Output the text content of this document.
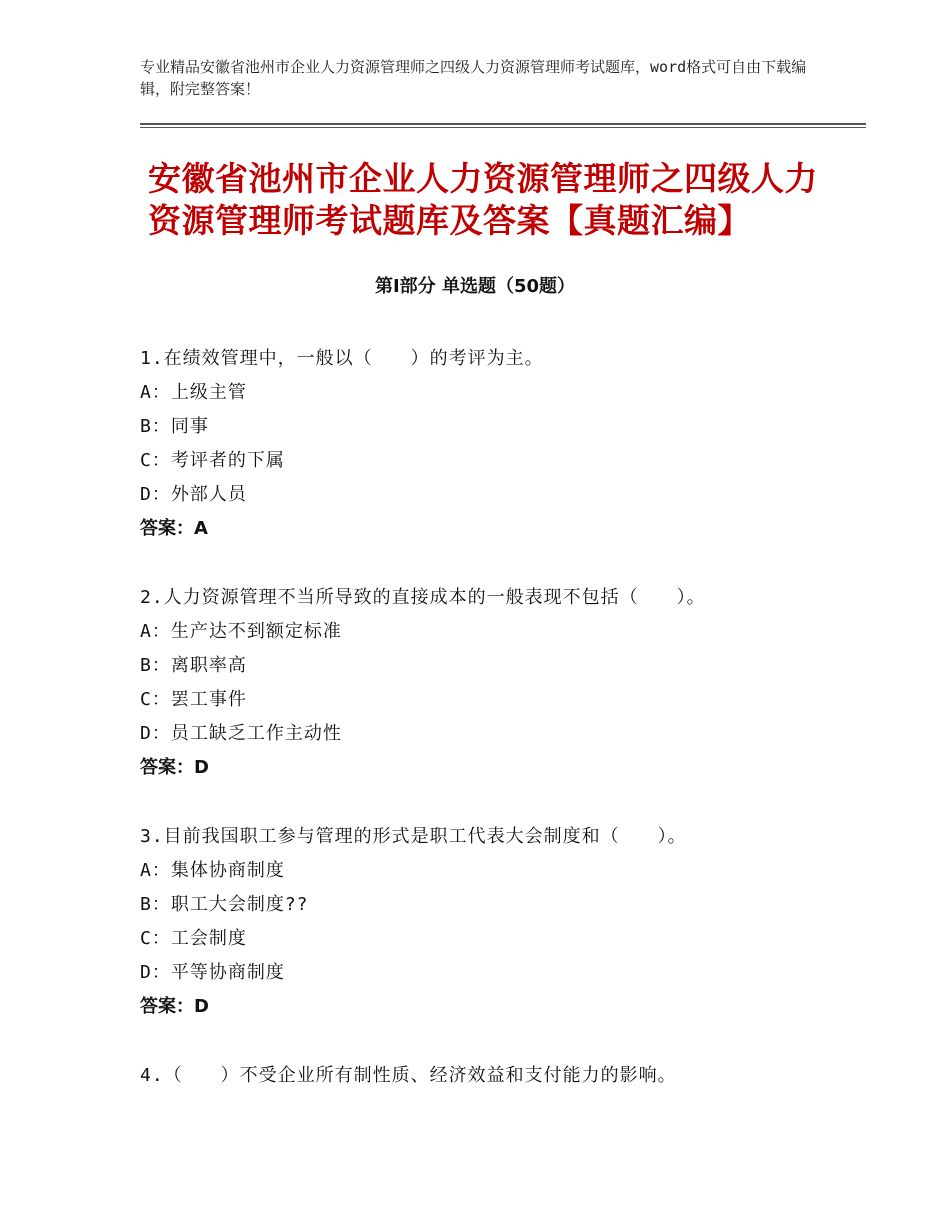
专业精品安徽省池州市企业人力资源管理师之四级人力资源管理师考试题库，word格式可自由下载编辑，附完整答案！
安徽省池州市企业人力资源管理师之四级人力资源管理师考试题库及答案【真题汇编】
第Ⅰ部分 单选题（50题）
1.在绩效管理中，一般以（　　）的考评为主。
A：上级主管
B：同事
C：考评者的下属
D：外部人员
答案：A
2.人力资源管理不当所导致的直接成本的一般表现不包括（　　）。
A：生产达不到额定标准
B：离职率高
C：罢工事件
D：员工缺乏工作主动性
答案：D
3.目前我国职工参与管理的形式是职工代表大会制度和（　　）。
A：集体协商制度
B：职工大会制度??
C：工会制度
D：平等协商制度
答案：D
4.（　　）不受企业所有制性质、经济效益和支付能力的影响。
